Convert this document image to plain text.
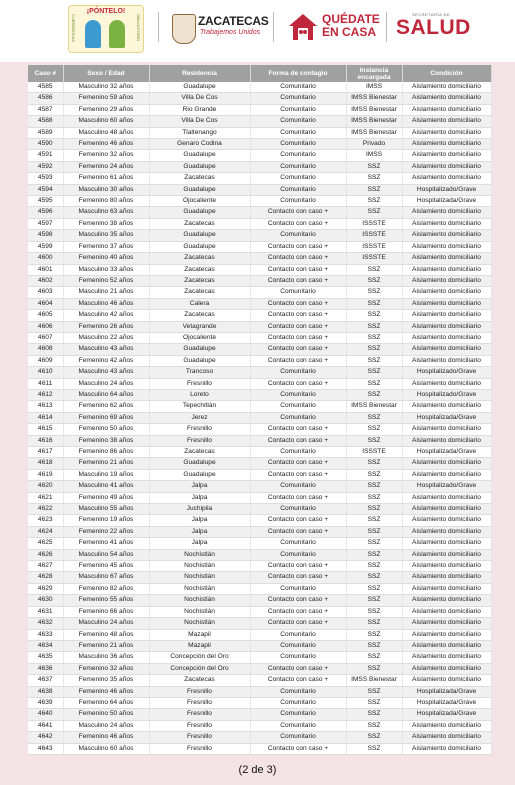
¡PÓNTELO!
CUBREBOCAS	OBLIGATORIO	ZACATECAS
Trabajemos Unidos
QUÉDATE
EN CASA
SECRETARÍA DE
SALUD
Caso #	Sexo / Edad	Residencia	Forma de contagio	Instancia encargada	Condición
4585	Masculino 32 años	Guadalupe	Comunitario	IMSS	Aislamiento domiciliario
4586	Femenino 59 años	Villa De Cos	Comunitario	IMSS Bienestar	Aislamiento domiciliario
4587	Femenino 29 años	Rio Grande	Comunitario	IMSS Bienestar	Aislamiento domiciliario
4588	Masculino 60 años	Villa De Cos	Comunitario	IMSS Bienestar	Aislamiento domiciliario
4589	Masculino 48 años	Tlaltenango	Comunitario	IMSS Bienestar	Aislamiento domiciliario
4590	Femenino 46 años	Genaro Codina	Comunitario	Privado	Aislamiento domiciliario
4591	Femenino 32 años	Guadalupe	Comunitario	IMSS	Aislamiento domiciliario
4592	Femenino 24 años	Guadalupe	Comunitario	SSZ	Aislamiento domiciliario
4593	Femenino 61 años	Zacatecas	Comunitario	SSZ	Aislamiento domiciliario
4594	Masculino 30 años	Guadalupe	Comunitario	SSZ	Hospitalizado/Grave
4595	Femenino 80 años	Ojocaliente	Comunitario	SSZ	Hospitalizada/Grave
4596	Masculino 63 años	Guadalupe	Contacto con caso +	SSZ	Aislamiento domiciliario
4597	Femenino 38 años	Zacatecas	Contacto con caso +	ISSSTE	Aislamiento domiciliario
4598	Masculino 35 años	Guadalupe	Comunitario	ISSSTE	Aislamiento domiciliario
4599	Femenino 37 años	Guadalupe	Contacto con caso +	ISSSTE	Aislamiento domiciliario
4600	Femenino 40 años	Zacatecas	Contacto con caso +	ISSSTE	Aislamiento domiciliario
4601	Masculino 33 años	Zacatecas	Contacto con caso +	SSZ	Aislamiento domiciliario
4602	Femenino 52 años	Zacatecas	Contacto con caso +	SSZ	Aislamiento domiciliario
4603	Masculino 21 años	Zacatecas	Comunitario	SSZ	Aislamiento domiciliario
4604	Masculino 46 años	Calera	Contacto con caso +	SSZ	Aislamiento domiciliario
4605	Masculino 42 años	Zacatecas	Contacto con caso +	SSZ	Aislamiento domiciliario
4606	Femenino 26 años	Vetagrande	Contacto con caso +	SSZ	Aislamiento domiciliario
4607	Masculino 22 años	Ojocaliente	Contacto con caso +	SSZ	Aislamiento domiciliario
4608	Masculino 43 años	Guadalupe	Contacto con caso +	SSZ	Aislamiento domiciliario
4609	Femenino 42 años	Guadalupe	Contacto con caso +	SSZ	Aislamiento domiciliario
4610	Masculino 43 años	Trancoso	Comunitario	SSZ	Hospitalizado/Grave
4611	Masculino 24 años	Fresnillo	Contacto con caso +	SSZ	Aislamiento domiciliario
4612	Masculino 64 años	Loreto	Comunitario	SSZ	Hospitalizado/Grave
4613	Femenino 62 años	Tepechitlán	Comunitario	IMSS Bienestar	Aislamiento domiciliario
4614	Femenino 69 años	Jerez	Comunitario	SSZ	Hospitalizada/Grave
4615	Femenino 50 años	Fresnillo	Contacto con caso +	SSZ	Aislamiento domiciliario
4616	Femenino 38 años	Fresnillo	Contacto con caso +	SSZ	Aislamiento domiciliario
4617	Femenino 86 años	Zacatecas	Comunitario	ISSSTE	Hospitalizada/Grave
4618	Femenino 21 años	Guadalupe	Contacto con caso +	SSZ	Aislamiento domiciliario
4619	Masculino 19 años	Guadalupe	Contacto con caso +	SSZ	Aislamiento domiciliario
4620	Masculino 41 años	Jalpa	Comunitario	SSZ	Hospitalizado/Grave
4621	Femenino 49 años	Jalpa	Contacto con caso +	SSZ	Aislamiento domiciliario
4622	Masculino 55 años	Juchipila	Comunitario	SSZ	Aislamiento domiciliario
4623	Femenino 19 años	Jalpa	Contacto con caso +	SSZ	Aislamiento domiciliario
4624	Femenino 22 años	Jalpa	Contacto con caso +	SSZ	Aislamiento domiciliario
4625	Femenino 41 años	Jalpa	Comunitario	SSZ	Aislamiento domiciliario
4626	Masculino 54 años	Nochistlán	Comunitario	SSZ	Aislamiento domiciliario
4627	Femenino 45 años	Nochistlán	Contacto con caso +	SSZ	Aislamiento domiciliario
4628	Masculino 67 años	Nochistlán	Contacto con caso +	SSZ	Aislamiento domiciliario
4629	Femenino 82 años	Nochistlán	Comunitario	SSZ	Aislamiento domiciliario
4630	Femenino 55 años	Nochistlán	Contacto con caso +	SSZ	Aislamiento domiciliario
4631	Femenino 66 años	Nochistlán	Contacto con caso +	SSZ	Aislamiento domiciliario
4632	Masculino 24 años	Nochistlán	Contacto con caso +	SSZ	Aislamiento domiciliario
4633	Femenino 48 años	Mazapil	Comunitario	SSZ	Aislamiento domiciliario
4634	Femenino 21 años	Mazapil	Comunitario	SSZ	Aislamiento domiciliario
4635	Masculino 36 años	Concepción del Oro	Comunitario	SSZ	Aislamiento domiciliario
4636	Femenino 32 años	Concepción del Oro	Contacto con caso +	SSZ	Aislamiento domiciliario
4637	Femenino 35 años	Zacatecas	Contacto con caso +	IMSS Bienestar	Aislamiento domiciliario
4638	Femenino 46 años	Fresnillo	Comunitario	SSZ	Hospitalizada/Grave
4639	Femenino 64 años	Fresnillo	Comunitario	SSZ	Hospitalizada/Grave
4640	Femenino 50 años	Fresnillo	Comunitario	SSZ	Hospitalizada/Grave
4641	Masculino 24 años	Fresnillo	Comunitario	SSZ	Aislamiento domiciliario
4642	Femenino 46 años	Fresnillo	Comunitario	SSZ	Aislamiento domiciliario
4643	Masculino 60 años	Fresnillo	Contacto con caso +	SSZ	Aislamiento domiciliario
(2 de 3)
